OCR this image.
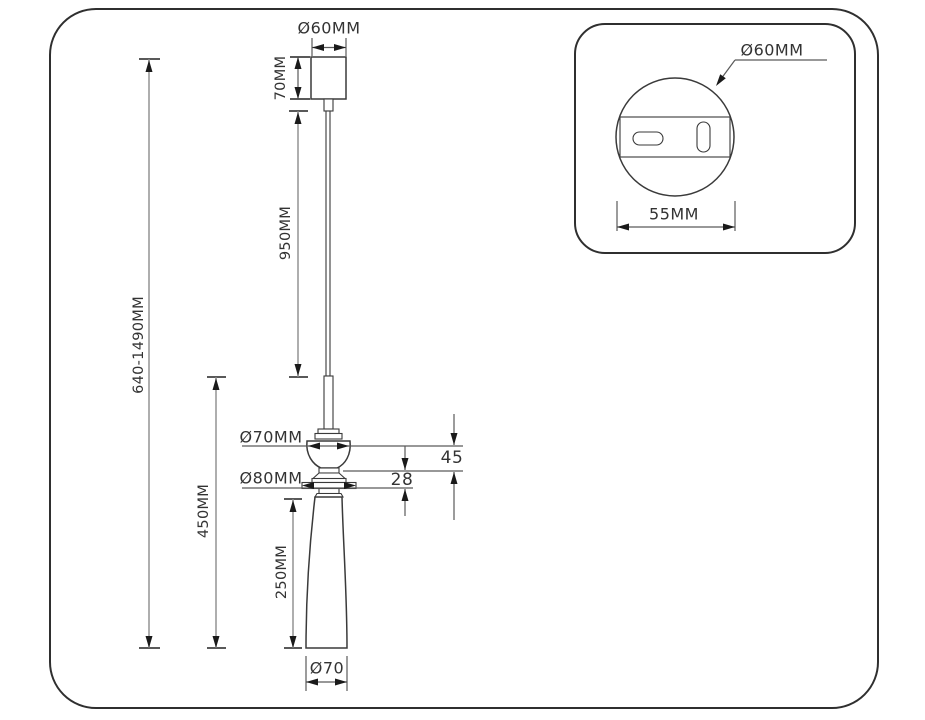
Ø60MM
70MM
950MM
640-1490MM
450MM
250MM
Ø70MM
Ø80MM
45
28
Ø70
Ø60MM
55MM
